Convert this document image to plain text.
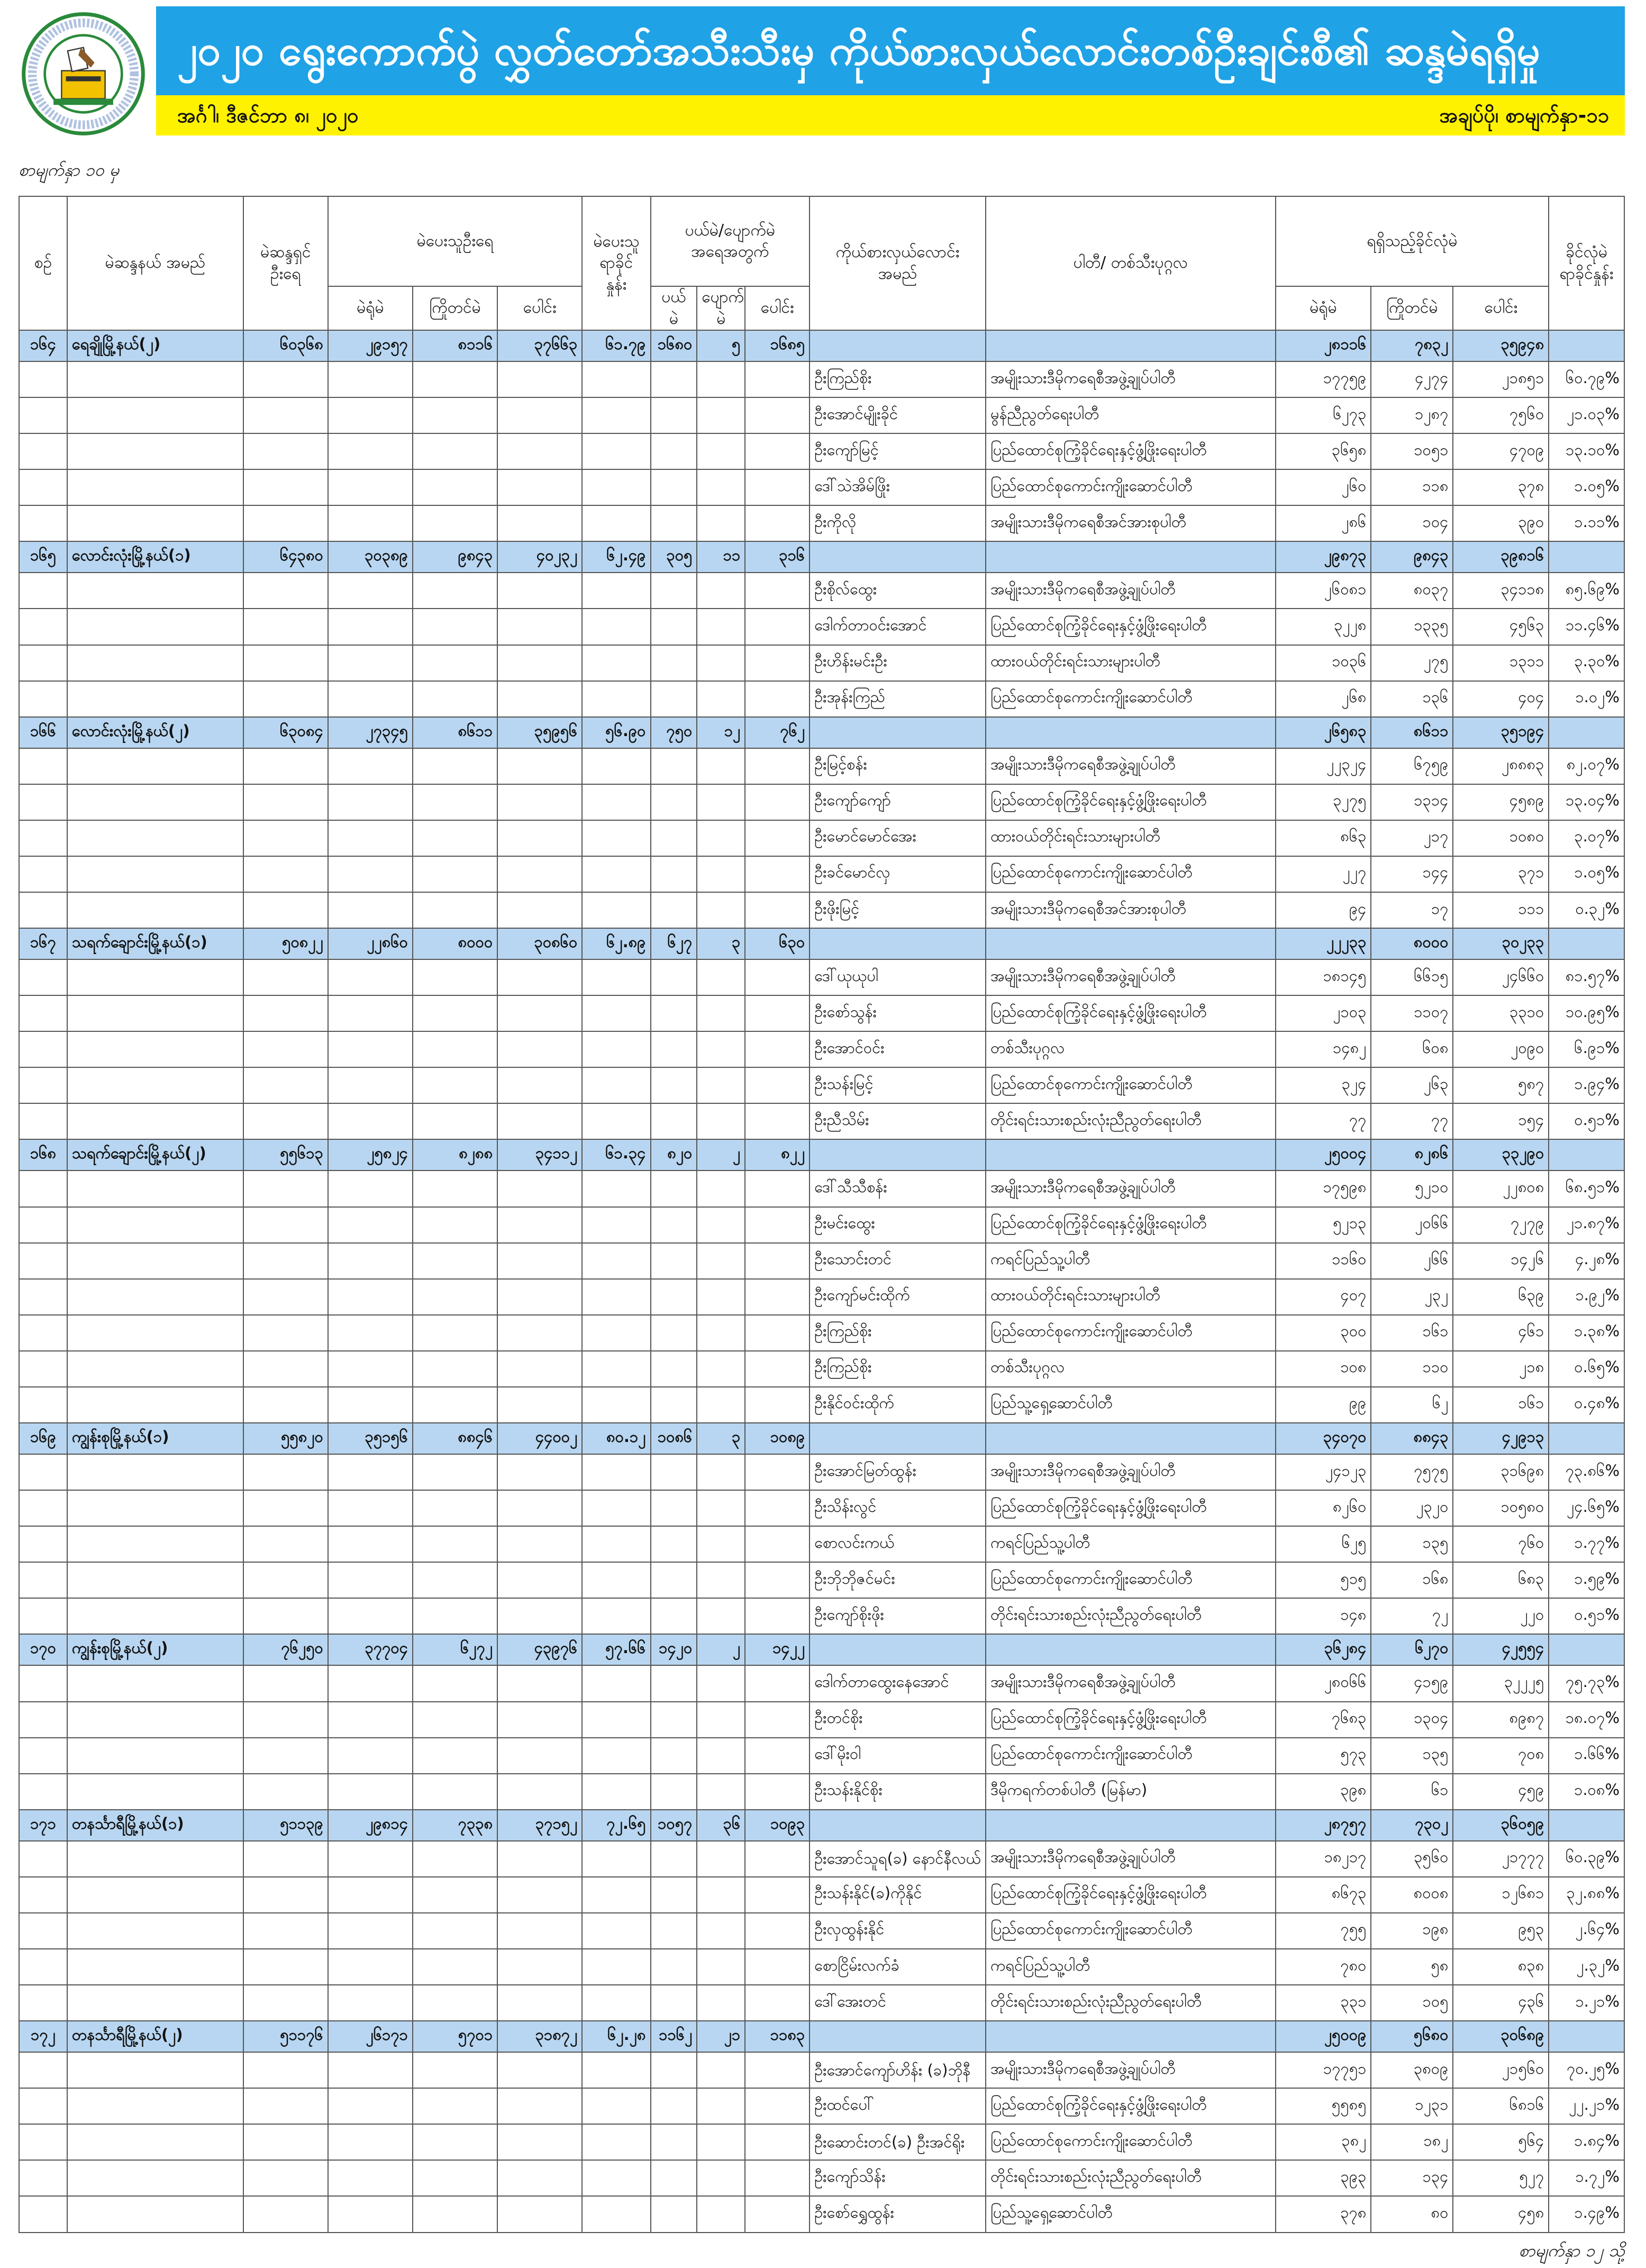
၂၀၂၀ ရွေးကောက်ပွဲ လွှတ်တော်အသီးသီးမှ ကိုယ်စားလှယ်လောင်းတစ်ဦးချင်းစီ၏ ဆန္ဒမဲရရှိမှု
အင်္ဂါ၊ ဒီဇင်ဘာ ၈၊ ၂၀၂၀	အချပ်ပို၊ စာမျက်နှာ-၁၁
စာမျက်နှာ ၁၀ မှ
စဉ်	မဲဆန္ဒနယ် အမည်	မဲဆန္ဒရှင် ဦးရေ	မဲပေးသူဦးရေ			မဲပေးသူ ရာခိုင် နှုန်း	ပယ်မဲ/ပျောက်မဲ အရေအတွက်			ကိုယ်စားလှယ်လောင်း အမည်	ပါတီ/ တစ်သီးပုဂ္ဂလ	ရရှိသည့်ခိုင်လုံမဲ			ခိုင်လုံမဲ ရာခိုင်နှုန်း
			မဲရုံမဲ	ကြိုတင်မဲ	ပေါင်း		ပယ် မဲ	ပျောက် မဲ	ပေါင်း			မဲရုံမဲ	ကြိုတင်မဲ	ပေါင်း	
၁၆၄	ရေချိုမြို့နယ်(၂)	၆၀၃၆၈	၂၉၁၅၇	၈၁၁၆	၃၇၆၆၃	၆၁.၇၉	၁၆၈၀	၅	၁၆၈၅			၂၈၁၁၆	၇၈၃၂	၃၅၉၄၈	
										ဦးကြည်စိုး	အမျိုးသားဒီမိုကရေစီအဖွဲ့ချုပ်ပါတီ	၁၇၇၅၉	၄၂၇၄	၂၁၈၅၁	၆၀.၇၉%
										ဦးအောင်မျိုးခိုင်	မွန်ညီညွတ်ရေးပါတီ	၆၂၇၃	၁၂၈၇	၇၅၆၀	၂၁.၀၃%
										ဦးကျော်မြင့်	ပြည်ထောင်စုကြံ့ခိုင်ရေးနှင့်ဖွံ့ဖြိုးရေးပါတီ	၃၆၅၈	၁၀၅၁	၄၇၀၉	၁၃.၁၀%
										ဒေါ်သဲအိမ်ဖြိုး	ပြည်ထောင်စုကောင်းကျိုးဆောင်ပါတီ	၂၆၀	၁၁၈	၃၇၈	၁.၀၅%
										ဦးကိုလို	အမျိုးသားဒီမိုကရေစီအင်အားစုပါတီ	၂၈၆	၁၀၄	၃၉၀	၁.၁၁%
၁၆၅	လောင်းလုံးမြို့နယ်(၁)	၆၄၃၈၀	၃၀၃၈၉	၉၈၄၃	၄၀၂၃၂	၆၂.၄၉	၃၀၅	၁၁	၃၁၆			၂၉၈၇၃	၉၈၄၃	၃၉၈၁၆	
										ဦးစိုလ်ထွေး	အမျိုးသားဒီမိုကရေစီအဖွဲ့ချုပ်ပါတီ	၂၆၀၈၁	၈၀၃၇	၃၄၁၁၈	၈၅.၆၉%
										ဒေါက်တာဝင်းအောင်	ပြည်ထောင်စုကြံ့ခိုင်ရေးနှင့်ဖွံ့ဖြိုးရေးပါတီ	၃၂၂၈	၁၃၃၅	၄၅၆၃	၁၁.၄၆%
										ဦးဟိန်းမင်းဦး	ထားဝယ်တိုင်းရင်းသားများပါတီ	၁၀၃၆	၂၇၅	၁၃၁၁	၃.၃၀%
										ဦးအုန်းကြည်	ပြည်ထောင်စုကောင်းကျိုးဆောင်ပါတီ	၂၆၈	၁၃၆	၄၀၄	၁.၀၂%
၁၆၆	လောင်းလုံးမြို့နယ်(၂)	၆၃၀၈၄	၂၇၃၄၅	၈၆၁၁	၃၅၉၅၆	၅၆.၉၀	၇၅၀	၁၂	၇၆၂			၂၆၅၈၃	၈၆၁၁	၃၅၁၉၄	
										ဦးမြင့်စန်း	အမျိုးသားဒီမိုကရေစီအဖွဲ့ချုပ်ပါတီ	၂၂၃၂၄	၆၇၅၉	၂၈၈၈၃	၈၂.၀၇%
										ဦးကျော်ကျော်	ပြည်ထောင်စုကြံ့ခိုင်ရေးနှင့်ဖွံ့ဖြိုးရေးပါတီ	၃၂၇၅	၁၃၁၄	၄၅၈၉	၁၃.၀၄%
										ဦးမောင်မောင်အေး	ထားဝယ်တိုင်းရင်းသားများပါတီ	၈၆၃	၂၁၇	၁၀၈၀	၃.၀၇%
										ဦးခင်မောင်လှ	ပြည်ထောင်စုကောင်းကျိုးဆောင်ပါတီ	၂၂၇	၁၄၄	၃၇၁	၁.၀၅%
										ဦးဖိုးမြင့်	အမျိုးသားဒီမိုကရေစီအင်အားစုပါတီ	၉၄	၁၇	၁၁၁	၀.၃၂%
၁၆၇	သရက်ချောင်းမြို့နယ်(၁)	၅၀၈၂၂	၂၂၈၆၀	၈၀၀၀	၃၀၈၆၀	၆၂.၈၉	၆၂၇	၃	၆၃၀			၂၂၂၃၃	၈၀၀၀	၃၀၂၃၃	
										ဒေါ်ယုယုပါ	အမျိုးသားဒီမိုကရေစီအဖွဲ့ချုပ်ပါတီ	၁၈၁၄၅	၆၆၁၅	၂၄၆၆၀	၈၁.၅၇%
										ဦးစော်သွန်း	ပြည်ထောင်စုကြံ့ခိုင်ရေးနှင့်ဖွံ့ဖြိုးရေးပါတီ	၂၁၀၃	၁၁၀၇	၃၃၁၀	၁၀.၉၅%
										ဦးအောင်ဝင်း	တစ်သီးပုဂ္ဂလ	၁၄၈၂	၆၀၈	၂၀၉၀	၆.၉၁%
										ဦးသန်းမြင့်	ပြည်ထောင်စုကောင်းကျိုးဆောင်ပါတီ	၃၂၄	၂၆၃	၅၈၇	၁.၉၄%
										ဦးညီသိမ်း	တိုင်းရင်းသားစည်းလုံးညီညွတ်ရေးပါတီ	၇၇	၇၇	၁၅၄	၀.၅၁%
၁၆၈	သရက်ချောင်းမြို့နယ်(၂)	၅၅၆၁၃	၂၅၈၂၄	၈၂၈၈	၃၄၁၁၂	၆၁.၃၄	၈၂၀	၂	၈၂၂			၂၅၀၀၄	၈၂၈၆	၃၃၂၉၀	
										ဒေါ်သီသီစန်း	အမျိုးသားဒီမိုကရေစီအဖွဲ့ချုပ်ပါတီ	၁၇၅၉၈	၅၂၁၀	၂၂၈၀၈	၆၈.၅၁%
										ဦးမင်းထွေး	ပြည်ထောင်စုကြံ့ခိုင်ရေးနှင့်ဖွံ့ဖြိုးရေးပါတီ	၅၂၁၃	၂၀၆၆	၇၂၇၉	၂၁.၈၇%
										ဦးသောင်းတင်	ကရင်ပြည်သူ့ပါတီ	၁၁၆၀	၂၆၆	၁၄၂၆	၄.၂၈%
										ဦးကျော်မင်းထိုက်	ထားဝယ်တိုင်းရင်းသားများပါတီ	၄၀၇	၂၃၂	၆၃၉	၁.၉၂%
										ဦးကြည်စိုး	ပြည်ထောင်စုကောင်းကျိုးဆောင်ပါတီ	၃၀၀	၁၆၁	၄၆၁	၁.၃၈%
										ဦးကြည်စိုး	တစ်သီးပုဂ္ဂလ	၁၀၈	၁၁၀	၂၁၈	၀.၆၅%
										ဦးနိုင်ဝင်းထိုက်	ပြည်သူ့ရှေ့ဆောင်ပါတီ	၉၉	၆၂	၁၆၁	၀.၄၈%
၁၆၉	ကျွန်းစုမြို့နယ်(၁)	၅၅၈၂၀	၃၅၁၅၆	၈၈၄၆	၄၄၀၀၂	၈၀.၁၂	၁၀၈၆	၃	၁၀၈၉			၃၄၀၇၀	၈၈၄၃	၄၂၉၁၃	
										ဦးအောင်မြတ်ထွန်း	အမျိုးသားဒီမိုကရေစီအဖွဲ့ချုပ်ပါတီ	၂၄၁၂၃	၇၅၇၅	၃၁၆၉၈	၇၃.၈၆%
										ဦးသိန်းလွင်	ပြည်ထောင်စုကြံ့ခိုင်ရေးနှင့်ဖွံ့ဖြိုးရေးပါတီ	၈၂၆၀	၂၃၂၀	၁၀၅၈၀	၂၄.၆၅%
										စောလင်းကယ်	ကရင်ပြည်သူ့ပါတီ	၆၂၅	၁၃၅	၇၆၀	၁.၇၇%
										ဦးဘိုဘိုဇင်မင်း	ပြည်ထောင်စုကောင်းကျိုးဆောင်ပါတီ	၅၁၅	၁၆၈	၆၈၃	၁.၅၉%
										ဦးကျော်စိုးဖိုး	တိုင်းရင်းသားစည်းလုံးညီညွတ်ရေးပါတီ	၁၄၈	၇၂	၂၂၀	၀.၅၁%
၁၇၀	ကျွန်းစုမြို့နယ်(၂)	၇၆၂၅၀	၃၇၇၀၄	၆၂၇၂	၄၃၉၇၆	၅၇.၆၆	၁၄၂၀	၂	၁၄၂၂			၃၆၂၈၄	၆၂၇၀	၄၂၅၅၄	
										ဒေါက်တာထွေးနေအောင်	အမျိုးသားဒီမိုကရေစီအဖွဲ့ချုပ်ပါတီ	၂၈၀၆၆	၄၁၅၉	၃၂၂၂၅	၇၅.၇၃%
										ဦးတင်စိုး	ပြည်ထောင်စုကြံ့ခိုင်ရေးနှင့်ဖွံ့ဖြိုးရေးပါတီ	၇၆၈၃	၁၃၀၄	၈၉၈၇	၁၈.၀၇%
										ဒေါ်မိုးဝါ	ပြည်ထောင်စုကောင်းကျိုးဆောင်ပါတီ	၅၇၃	၁၃၅	၇၀၈	၁.၆၆%
										ဦးသန်းနိုင်စိုး	ဒီမိုကရက်တစ်ပါတီ (မြန်မာ)	၃၉၈	၆၁	၄၅၉	၁.၀၈%
၁၇၁	တနင်္သာရီမြို့နယ်(၁)	၅၁၁၃၉	၂၉၈၁၄	၇၃၃၈	၃၇၁၅၂	၇၂.၆၅	၁၀၅၇	၃၆	၁၀၉၃			၂၈၇၅၇	၇၃၀၂	၃၆၀၅၉	
										ဦးအောင်သူရ(ခ) နောင်နီလယ်	အမျိုးသားဒီမိုကရေစီအဖွဲ့ချုပ်ပါတီ	၁၈၂၁၇	၃၅၆၀	၂၁၇၇၇	၆၀.၃၉%
										ဦးသန်းနိုင်(ခ)ကိုနိုင်	ပြည်ထောင်စုကြံ့ခိုင်ရေးနှင့်ဖွံ့ဖြိုးရေးပါတီ	၈၆၇၃	၈၀၀၈	၁၂၆၈၁	၃၂.၈၈%
										ဦးလှထွန်းနိုင်	ပြည်ထောင်စုကောင်းကျိုးဆောင်ပါတီ	၇၅၅	၁၉၈	၉၅၃	၂.၆၄%
										စောငြိမ်းလက်ခံ	ကရင်ပြည်သူ့ပါတီ	၇၈၀	၅၈	၈၃၈	၂.၃၂%
										ဒေါ်အေးတင်	တိုင်းရင်းသားစည်းလုံးညီညွတ်ရေးပါတီ	၃၃၁	၁၀၅	၄၃၆	၁.၂၁%
၁၇၂	တနင်္သာရီမြို့နယ်(၂)	၅၁၁၇၆	၂၆၁၇၁	၅၇၀၁	၃၁၈၇၂	၆၂.၂၈	၁၁၆၂	၂၁	၁၁၈၃			၂၅၀၀၉	၅၆၈၀	၃၀၆၈၉	
										ဦးအောင်ကျော်ဟိန်း (ခ)ဘိုနီ	အမျိုးသားဒီမိုကရေစီအဖွဲ့ချုပ်ပါတီ	၁၇၇၅၁	၃၈၀၉	၂၁၅၆၀	၇၀.၂၅%
										ဦးထင်ပေါ်	ပြည်ထောင်စုကြံ့ခိုင်ရေးနှင့်ဖွံ့ဖြိုးရေးပါတီ	၅၅၈၅	၁၂၃၁	၆၈၁၆	၂၂.၂၁%
										ဦးဆောင်းတင်(ခ) ဦးအင်ရိုး	ပြည်ထောင်စုကောင်းကျိုးဆောင်ပါတီ	၃၈၂	၁၈၂	၅၆၄	၁.၈၄%
										ဦးကျော်သိန်း	တိုင်းရင်းသားစည်းလုံးညီညွတ်ရေးပါတီ	၃၉၃	၁၃၄	၅၂၇	၁.၇၂%
										ဦးစော်ရွှေထွန်း	ပြည်သူ့ရှေ့ဆောင်ပါတီ	၃၇၈	၈၀	၄၅၈	၁.၄၉%
စာမျက်နှာ ၁၂ သို့
